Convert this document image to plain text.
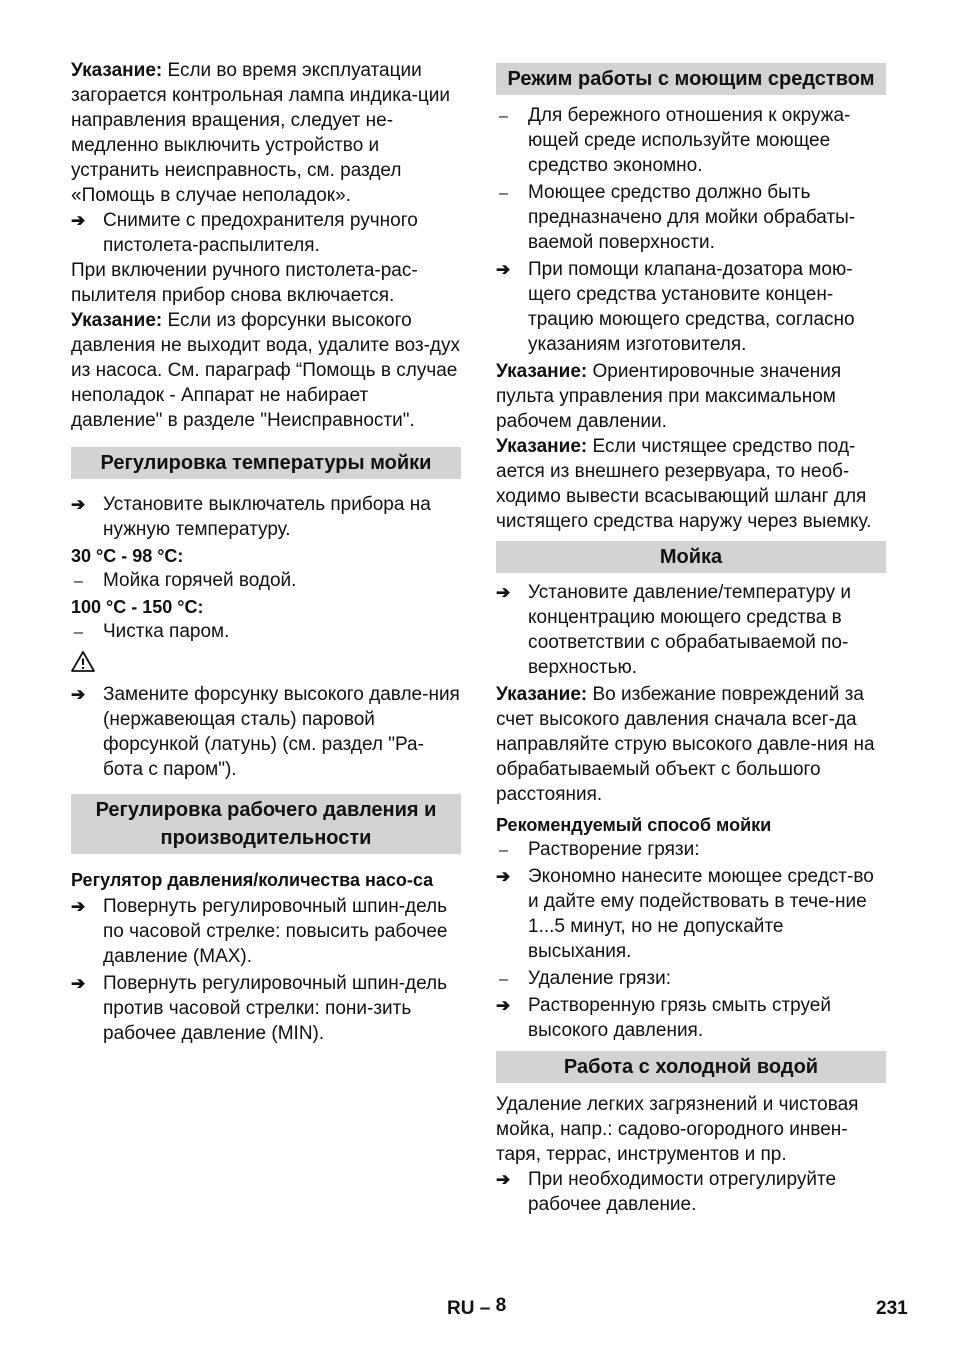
Указание: Если во время эксплуатации загорается контрольная лампа индика-ции направления вращения, следует не-медленно выключить устройство и устранить неисправность, см. раздел «Помощь в случае неполадок».

➔
Снимите с предохранителя ручного пистолета-распылителя.

При включении ручного пистолета-рас-пылителя прибор снова включается.

Указание: Если из форсунки высокого давления не выходит вода, удалите воз-дух из насоса. См. параграф “Помощь в случае неполадок - Аппарат не набирает давление" в разделе "Неисправности".

Регулировка температуры мойки

➔
Установите выключатель прибора на нужную температуру.

30 °C - 98 °C:

–
Мойка горячей водой.

100 °C - 150 °C:

–
Чистка паром.

➔
Замените форсунку высокого давле-ния (нержавеющая сталь) паровой форсункой (латунь) (см. раздел "Ра-бота с паром").

Регулировка рабочего давления и производительности

Регулятор давления/количества насо-са

➔
Повернуть регулировочный шпин-дель по часовой стрелке: повысить рабочее давление (MAX).

➔
Повернуть регулировочный шпин-дель против часовой стрелки: пони-зить рабочее давление (MIN).

Режим работы с моющим средством

–
Для бережного отношения к окружа-ющей среде используйте моющее средство экономно.

–
Моющее средство должно быть предназначено для мойки обрабаты-ваемой поверхности.

➔
При помощи клапана-дозатора мою-щего средства установите концен-трацию моющего средства, согласно указаниям изготовителя.

Указание: Ориентировочные значения пульта управления при максимальном рабочем давлении.

Указание: Если чистящее средство под-ается из внешнего резервуара, то необ-ходимо вывести всасывающий шланг для чистящего средства наружу через выемку.

Мойка

➔
Установите давление/температуру и концентрацию моющего средства в соответствии с обрабатываемой по-верхностью.

Указание: Во избежание повреждений за счет высокого давления сначала всег-да направляйте струю высокого давле-ния на обрабатываемый объект с большого расстояния.

Рекомендуемый способ мойки

–
Растворение грязи:

➔
Экономно нанесите моющее средст-во и дайте ему подействовать в тече-ние 1...5 минут, но не допускайте высыхания.

–
Удаление грязи:

➔
Растворенную грязь смыть струей высокого давления.

Работа с холодной водой

Удаление легких загрязнений и чистовая мойка, напр.: садово-огородного инвен-таря, террас, инструментов и пр.

➔
При необходимости отрегулируйте рабочее давление.

RU – 8	231
